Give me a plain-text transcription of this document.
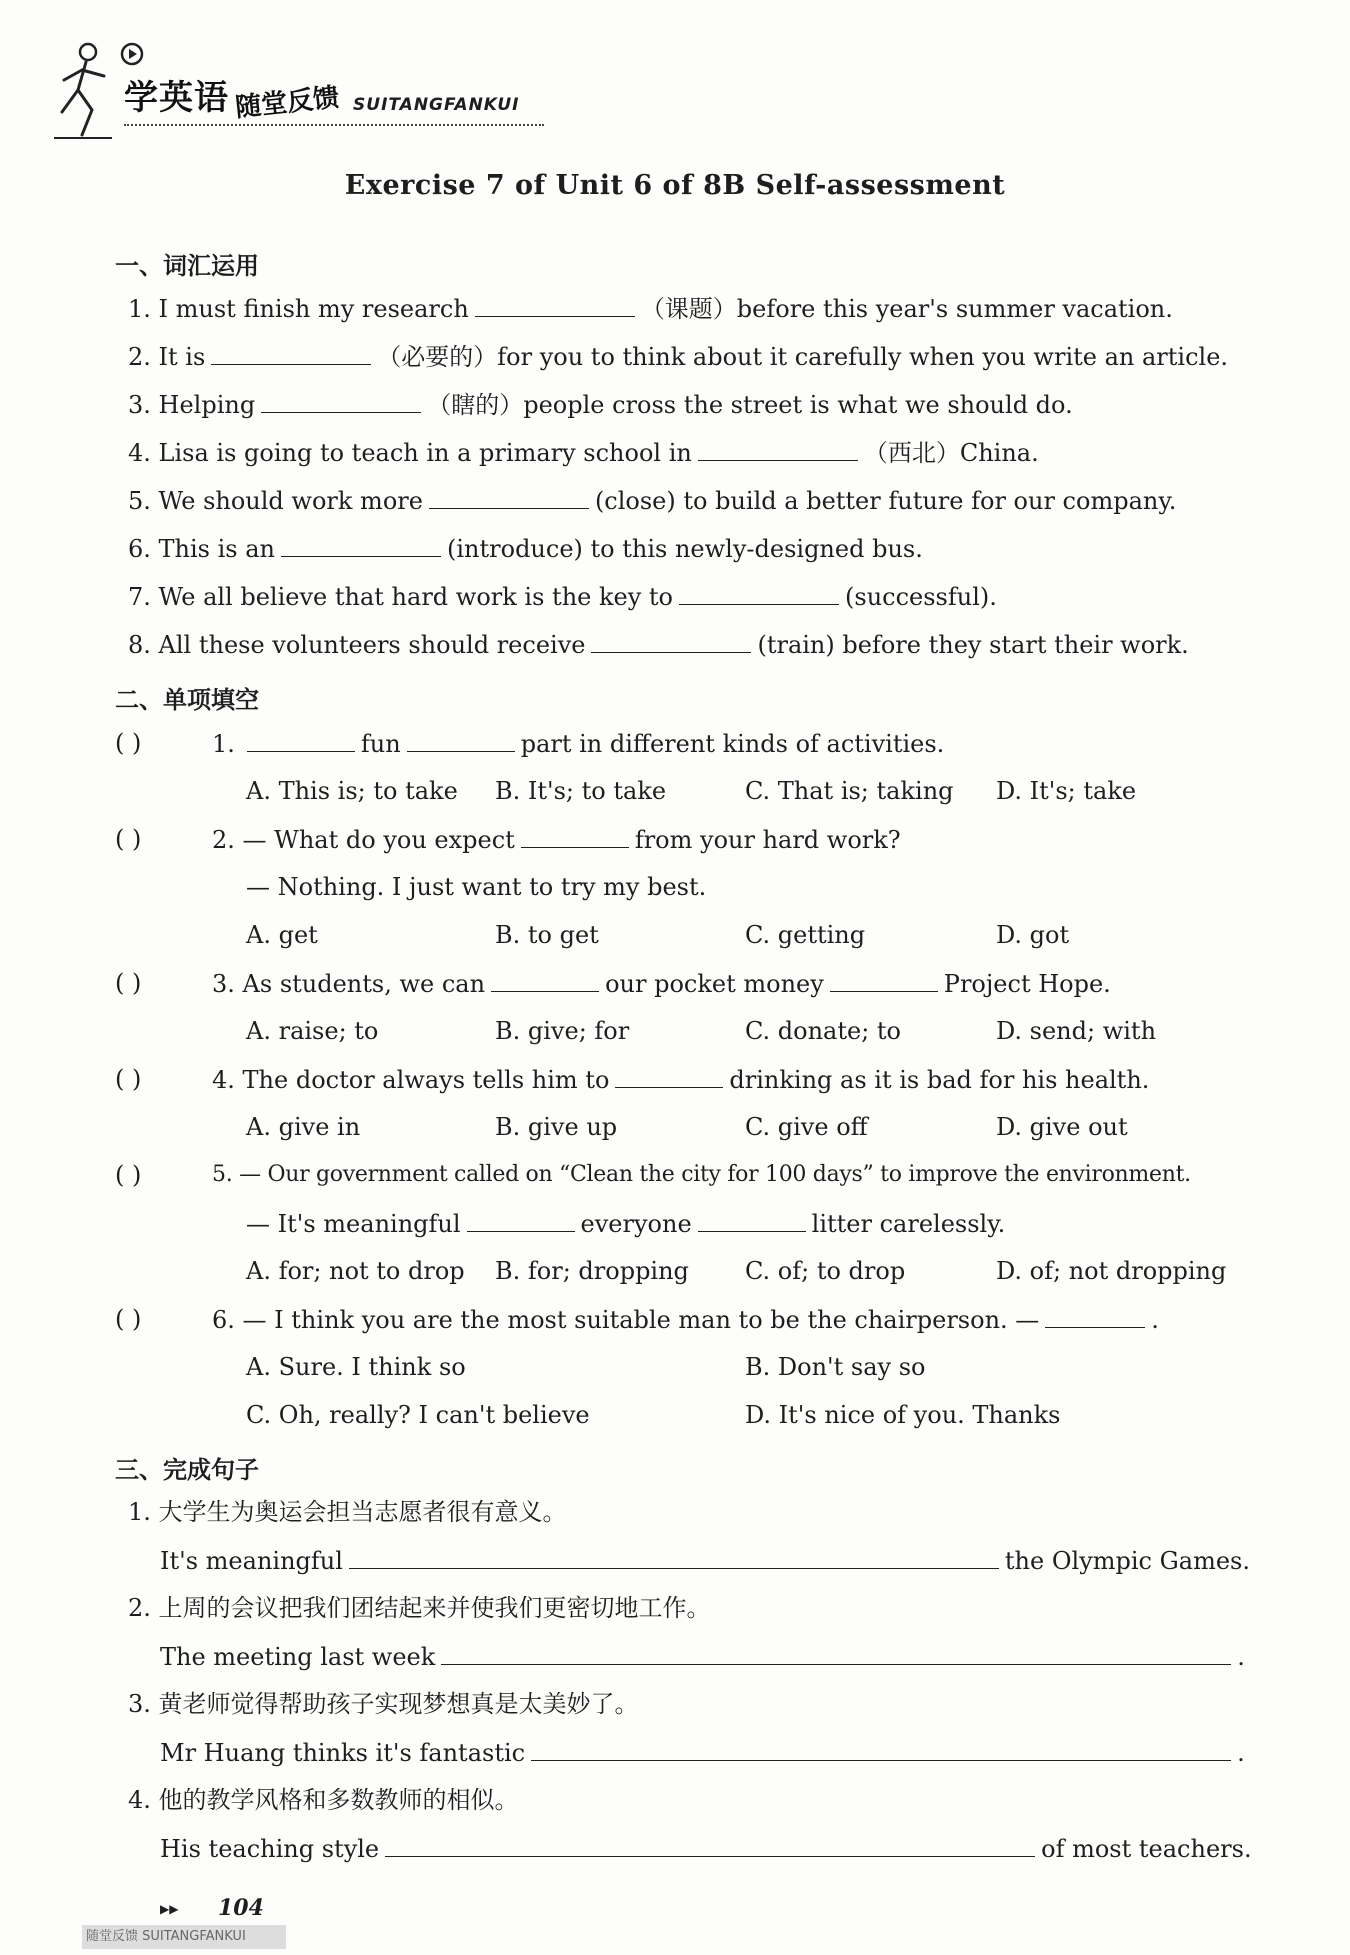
学英语 随堂反馈 SUITANGFANKUI
Exercise 7 of Unit 6 of 8B Self-assessment
一、词汇运用
1. I must finish my research	（课题）before this year's summer vacation.
2. It is	（必要的）for you to think about it carefully when you write an article.
3. Helping	（瞎的）people cross the street is what we should do.
4. Lisa is going to teach in a primary school in	（西北）China.
5. We should work more	(close) to build a better future for our company.
6. This is an	(introduce) to this newly-designed bus.
7. We all believe that hard work is the key to	(successful).
8. All these volunteers should receive	(train) before they start their work.
二、单项填空
( )	1.	fun	part in different kinds of activities.
A. This is; to take B. It's; to take	C. That is; taking D. It's; take
( )	2. — What do you expect	from your hard work?
— Nothing. I just want to try my best.
A. get	B. to get	C. getting	D. got
( )	3. As students, we can	our pocket money	Project Hope.
A. raise; to	B. give; for	C. donate; to	D. send; with
( )	4. The doctor always tells him to	drinking as it is bad for his health.
A. give in	B. give up	C. give off	D. give out
( )	5. — Our government called on “Clean the city for 100 days” to improve the environment.
— It's meaningful	everyone	litter carelessly.
A. for; not to drop B. for; dropping C. of; to drop	D. of; not dropping
( )	6. — I think you are the most suitable man to be the chairperson. —	.
A. Sure. I think so	B. Don't say so
C. Oh, really? I can't believe	D. It's nice of you. Thanks
三、完成句子
1. 大学生为奥运会担当志愿者很有意义。
It's meaningful	the Olympic Games.
2. 上周的会议把我们团结起来并使我们更密切地工作。
The meeting last week	.
3. 黄老师觉得帮助孩子实现梦想真是太美妙了。
Mr Huang thinks it's fantastic	.
4. 他的教学风格和多数教师的相似。
His teaching style	of most teachers.
▶▶ 104
随堂反馈 SUITANGFANKUI
